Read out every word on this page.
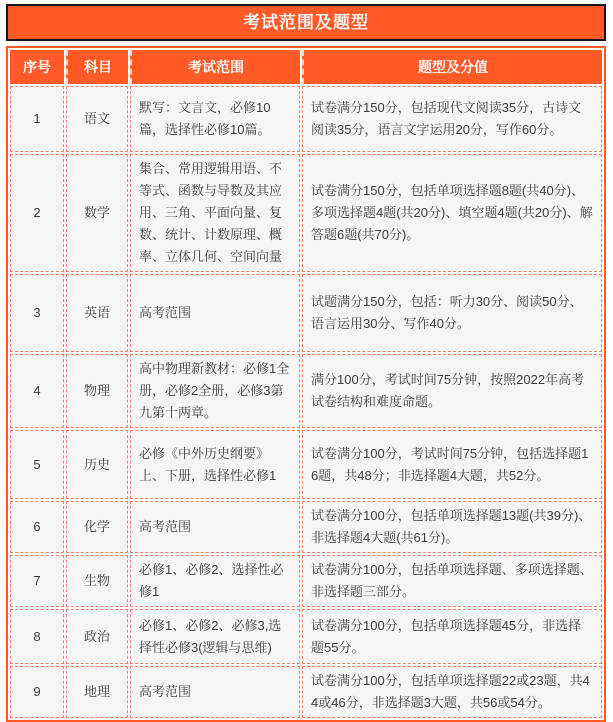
考试范围及题型
序号	科目	考试范围	题型及分值
1	语文	默写：文言文，必修10篇，选择性必修10篇。	试卷满分150分，包括现代文阅读35分，古诗文阅读35分，语言文字运用20分，写作60分。
2	数学	集合、常用逻辑用语、不等式、函数与导数及其应用、三角、平面向量、复数、统计、计数原理、概率、立体几何、空间向量	试卷满分150分，包括单项选择题8题(共40分)、多项选择题4题(共20分)、填空题4题(共20分)、解答题6题(共70分)。
3	英语	高考范围	试题满分150分，包括：听力30分、阅读50分、语言运用30分、写作40分。
4	物理	高中物理新教材：必修1全册，必修2全册，必修3第九第十两章。	满分100分，考试时间75分钟，按照2022年高考试卷结构和难度命题。
5	历史	必修《中外历史纲要》上、下册，选择性必修1	试卷满分100分，考试时间75分钟，包括选择题16题，共48分；非选择题4大题，共52分。
6	化学	高考范围	试卷满分100分，包括单项选择题13题(共39分)、非选择题4大题(共61分)。
7	生物	必修1、必修2、选择性必修1	试卷满分100分，包括单项选择题、多项选择题、非选择题三部分。
8	政治	必修1、必修2、必修3,选择性必修3(逻辑与思维)	试卷满分100分，包括单项选择题45分，非选择题55分。
9	地理	高考范围	试卷满分100分，包括单项选择题22或23题，共44或46分，非选择题3大题，共56或54分。
